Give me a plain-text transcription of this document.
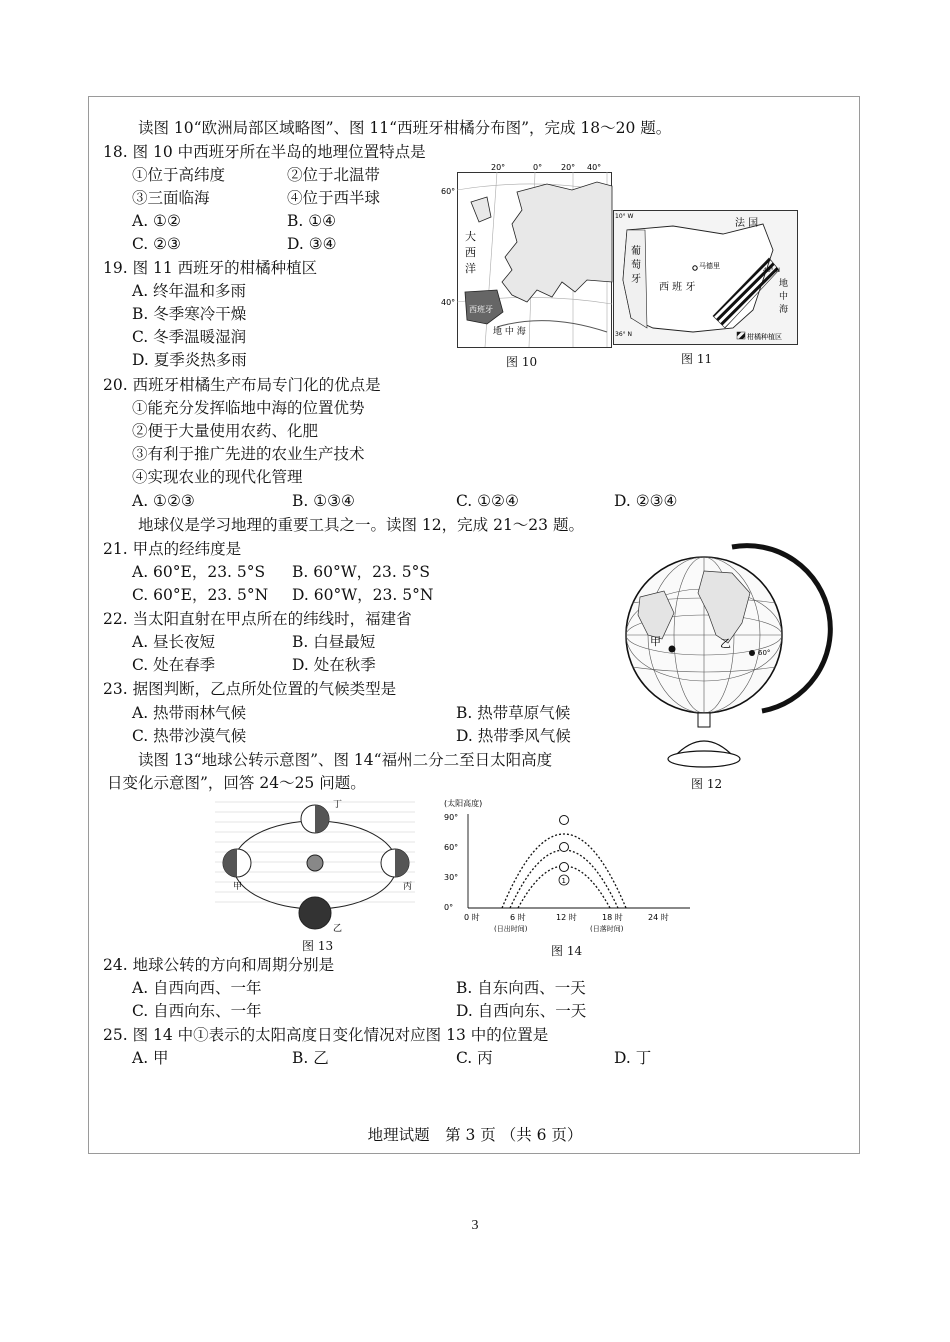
读图 10“欧洲局部区域略图”、图 11“西班牙柑橘分布图”，完成 18～20 题。
18. 图 10 中西班牙所在半岛的地理位置特点是
①位于高纬度	②位于北温带
③三面临海	④位于西半球
A. ①②	B. ①④
C. ②③	D. ③④
19. 图 11 西班牙的柑橘种植区
A. 终年温和多雨
B. 冬季寒冷干燥
C. 冬季温暖湿润
D. 夏季炎热多雨
20. 西班牙柑橘生产布局专门化的优点是
①能充分发挥临地中海的位置优势
②便于大量使用农药、化肥
③有利于推广先进的农业生产技术
④实现农业的现代化管理
A. ①②③	B. ①③④	C. ①②④	D. ②③④
20°	0° 20° 40°
60°
40°
大
西
洋
西班牙
地 中 海
图 10
法 国
葡
萄
牙
西 班 牙
马德里
地
中
海
40° N
36° N
10° W
柑橘种植区
图 11
地球仪是学习地理的重要工具之一。读图 12，完成 21～23 题。
21. 甲点的经纬度是
A. 60°E，23. 5°S B. 60°W，23. 5°S
C. 60°E，23. 5°N D. 60°W，23. 5°N
22. 当太阳直射在甲点所在的纬线时，福建省
A. 昼长夜短	B. 白昼最短
C. 处在春季	D. 处在秋季
23. 据图判断，乙点所处位置的气候类型是
A. 热带雨林气候	B. 热带草原气候
C. 热带沙漠气候	D. 热带季风气候
甲	乙
60°
图 12
读图 13“地球公转示意图”、图 14“福州二分二至日太阳高度
日变化示意图”，回答 24～25 问题。
甲
乙
丙
丁
图 13
(太阳高度)
90°
60°
30°
0°
0 时	6 时	12 时	18 时	24 时
(日出时间)	(日落时间)
1
图 14
24. 地球公转的方向和周期分别是
A. 自西向西、一年	B. 自东向西、一天
C. 自西向东、一年	D. 自西向东、一天
25. 图 14 中①表示的太阳高度日变化情况对应图 13 中的位置是
A. 甲	B. 乙	C. 丙	D. 丁
地理试题　第 3 页 （共 6 页）
3
